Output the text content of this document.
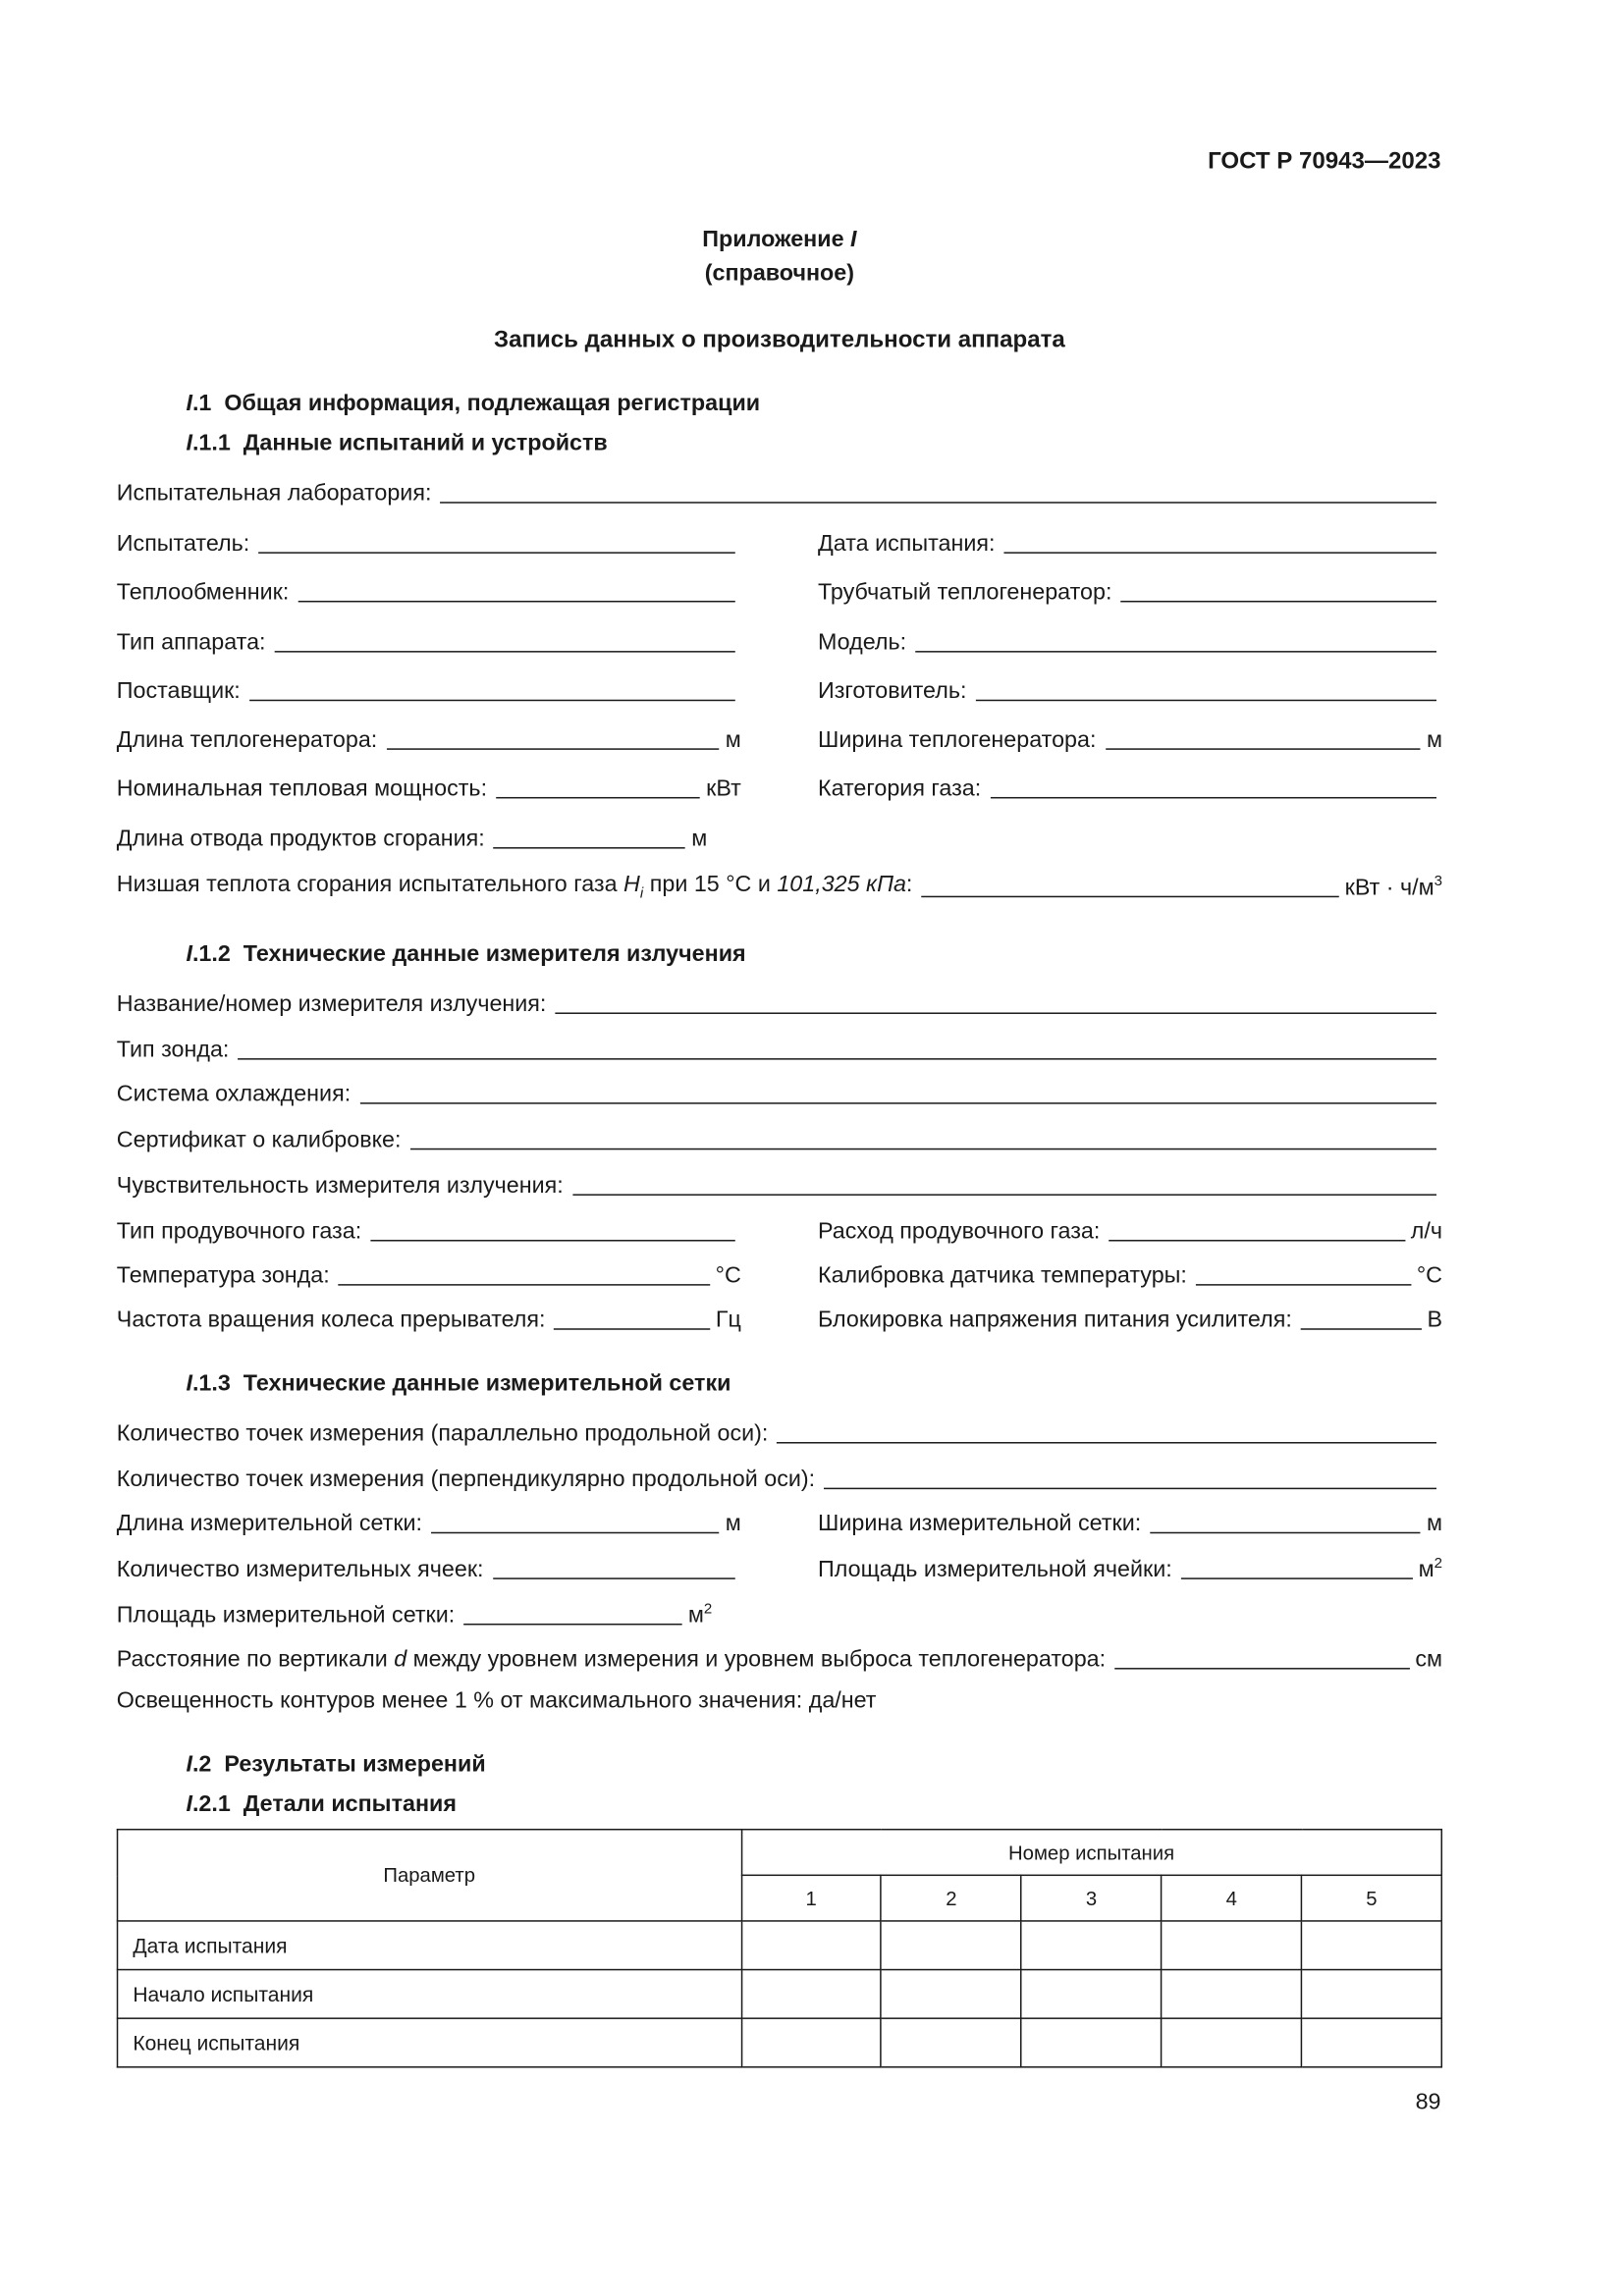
ГОСТ Р 70943—2023
Приложение I
(справочное)
Запись данных о производительности аппарата
I.1 Общая информация, подлежащая регистрации
I.1.1 Данные испытаний и устройств
Испытательная лаборатория:
Испытатель:	Дата испытания:
Теплообменник:	Трубчатый теплогенератор:
Тип аппарата:	Модель:
Поставщик:	Изготовитель:
Длина теплогенератора:	м	Ширина теплогенератора:	м
Номинальная тепловая мощность:	кВт	Категория газа:
Длина отвода продуктов сгорания:	м
Низшая теплота сгорания испытательного газа $H_i$ при 15 °С и 101,325 кПа:	кВт · $ч/м^3$
I.1.2 Технические данные измерителя излучения
Название/номер измерителя излучения:
Тип зонда:
Система охлаждения:
Сертификат о калибровке:
Чувствительность измерителя излучения:
Тип продувочного газа:	Расход продувочного газа:	л/ч
Температура зонда:	°С	Калибровка датчика температуры:	°С
Частота вращения колеса прерывателя:	Гц	Блокировка напряжения питания усилителя:	В
I.1.3 Технические данные измерительной сетки
Количество точек измерения (параллельно продольной оси):
Количество точек измерения (перпендикулярно продольной оси):
Длина измерительной сетки:	м	Ширина измерительной сетки:	м
Количество измерительных ячеек:	Площадь измерительной ячейки:	$м^2$
Площадь измерительной сетки:	$м^2$
Расстояние по вертикали d между уровнем измерения и уровнем выброса теплогенератора:	см
Освещенность контуров менее 1 % от максимального значения: да/нет
I.2 Результаты измерений
I.2.1 Детали испытания
Параметр	Номер испытания				
	1	2	3	4	5
Дата испытания					
Начало испытания					
Конец испытания					
89
